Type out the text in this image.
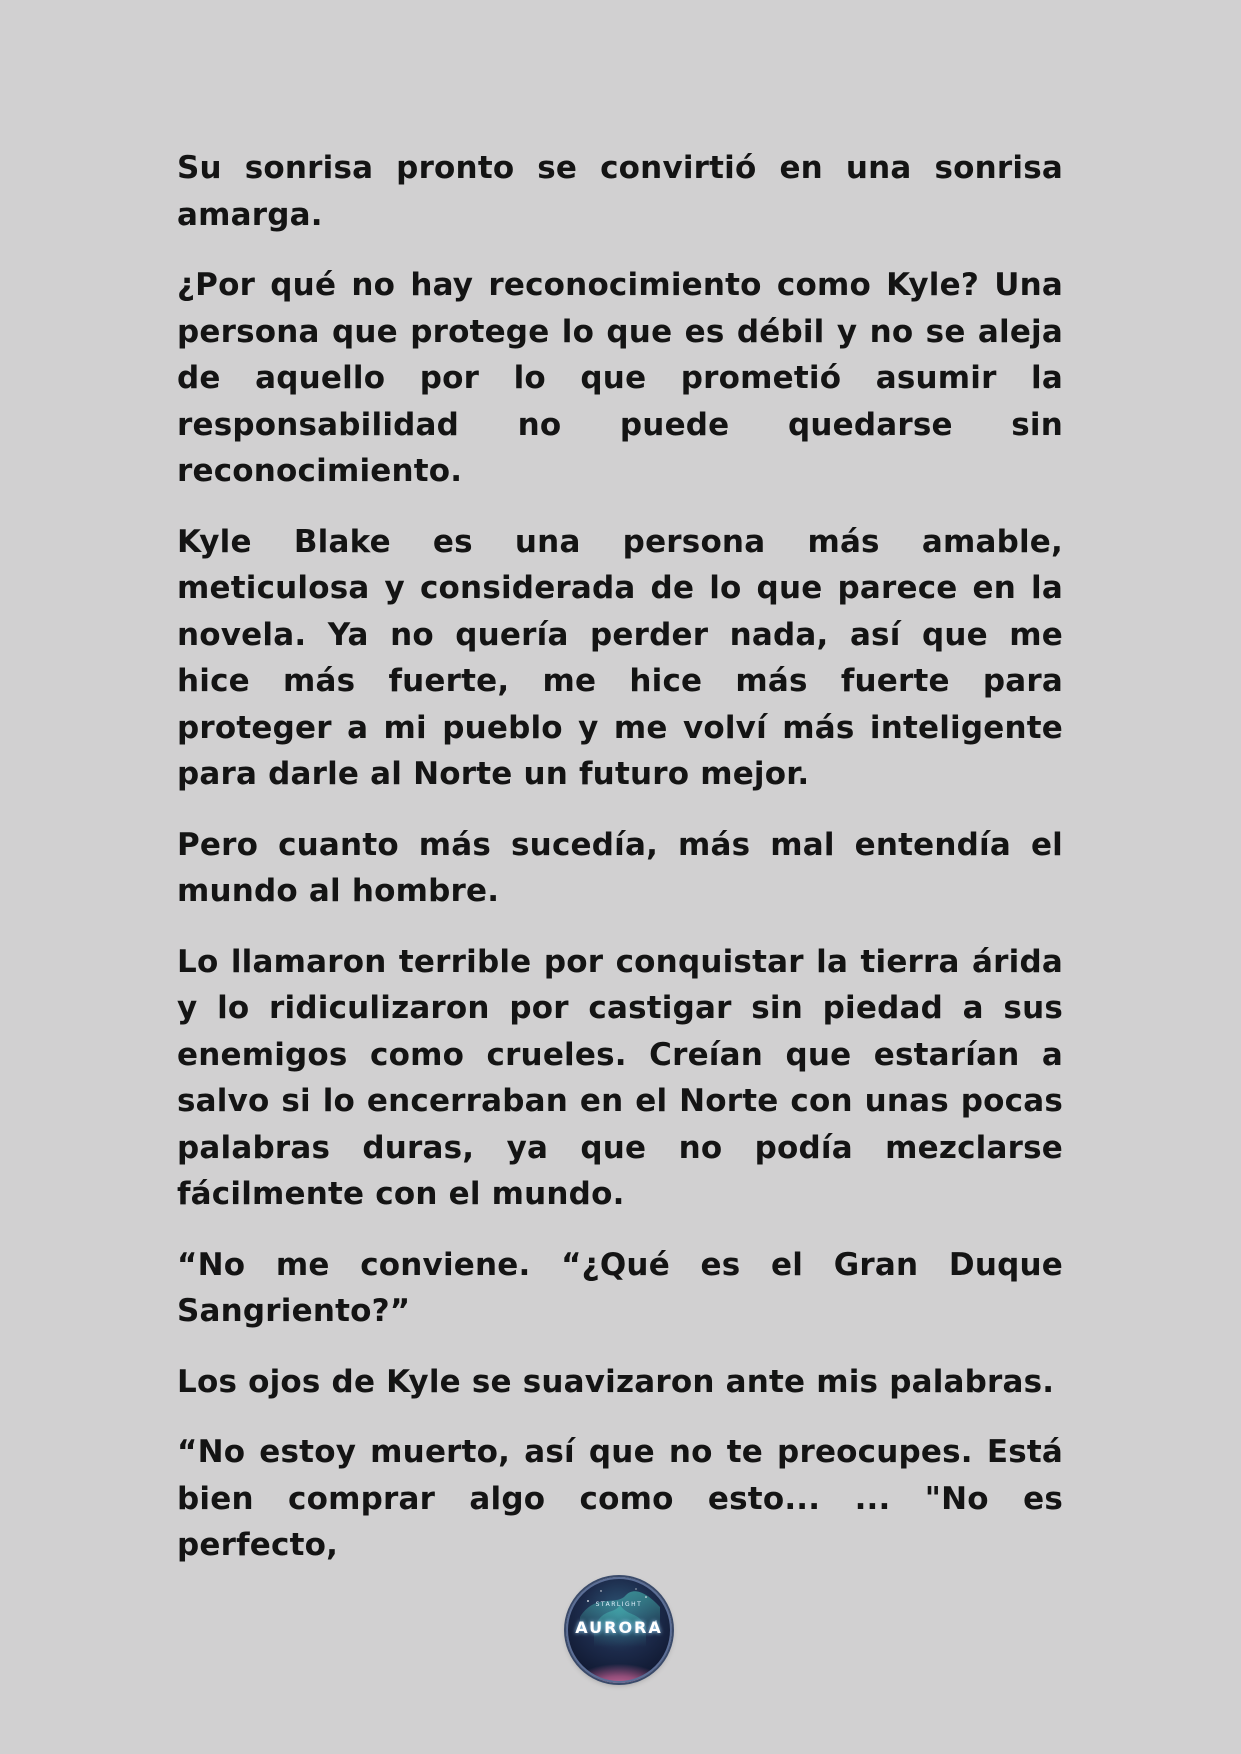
Su sonrisa pronto se convirtió en una sonrisa amarga.

¿Por qué no hay reconocimiento como Kyle? Una persona que protege lo que es débil y no se aleja de aquello por lo que prometió asumir la responsabilidad no puede quedarse sin reconocimiento.

Kyle Blake es una persona más amable, meticulosa y considerada de lo que parece en la novela. Ya no quería perder nada, así que me hice más fuerte, me hice más fuerte para proteger a mi pueblo y me volví más inteligente para darle al Norte un futuro mejor.

Pero cuanto más sucedía, más mal entendía el mundo al hombre.

Lo llamaron terrible por conquistar la tierra árida y lo ridiculizaron por castigar sin piedad a sus enemigos como crueles. Creían que estarían a salvo si lo encerraban en el Norte con unas pocas palabras duras, ya que no podía mezclarse fácilmente con el mundo.

“No me conviene. “¿Qué es el Gran Duque Sangriento?”

Los ojos de Kyle se suavizaron ante mis palabras.

“No estoy muerto, así que no te preocupes. Está bien comprar algo como esto... ... "No es perfecto,

STARLIGHT
AURORA
